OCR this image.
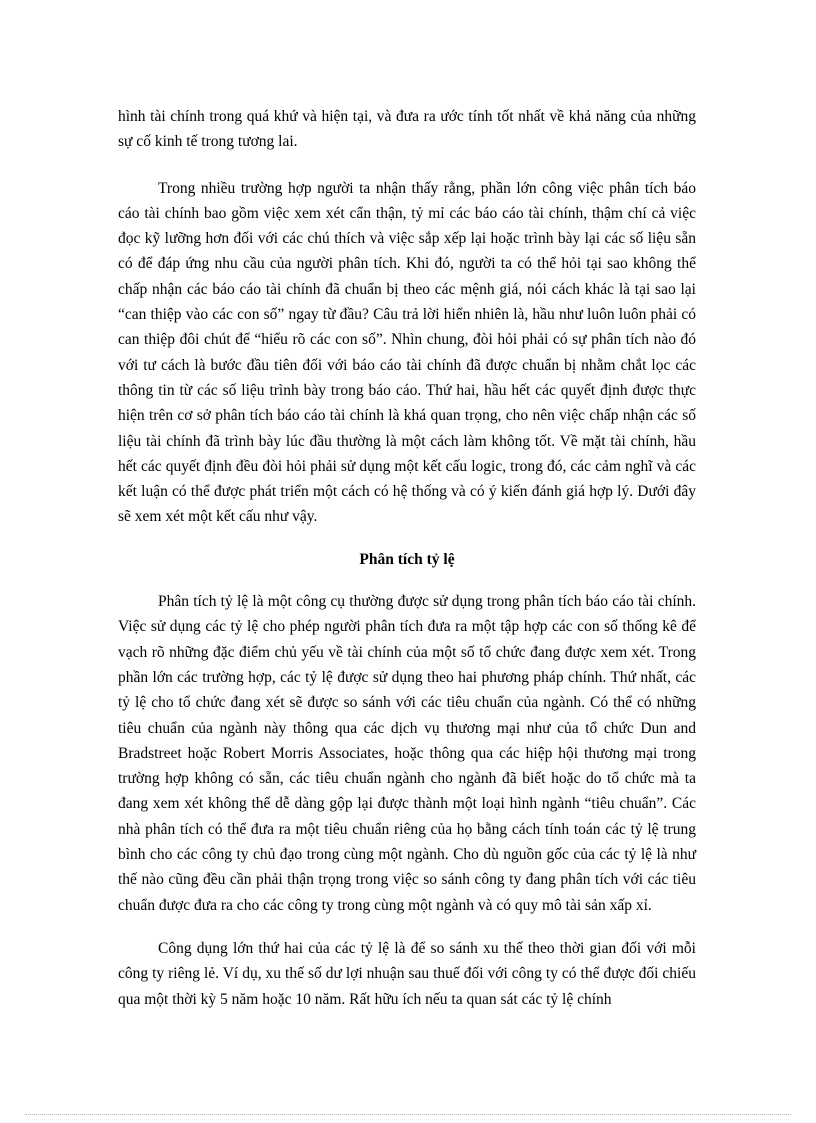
hình tài chính trong quá khứ và hiện tại, và đưa ra ước tính tốt nhất về khả năng của những sự cố kinh tế trong tương lai.

Trong nhiều trường hợp người ta nhận thấy rằng, phần lớn công việc phân tích báo cáo tài chính bao gồm việc xem xét cẩn thận, tỷ mỉ các báo cáo tài chính, thậm chí cả việc đọc kỹ lưỡng hơn đối với các chú thích và việc sắp xếp lại hoặc trình bày lại các số liệu sẵn có để đáp ứng nhu cầu của người phân tích. Khi đó, người ta có thể hỏi tại sao không thể chấp nhận các báo cáo tài chính đã chuẩn bị theo các mệnh giá, nói cách khác là tại sao lại “can thiệp vào các con số” ngay từ đầu? Câu trả lời hiển nhiên là, hầu như luôn luôn phải có can thiệp đôi chút để “hiểu rõ các con số”. Nhìn chung, đòi hỏi phải có sự phân tích nào đó với tư cách là bước đầu tiên đối với báo cáo tài chính đã được chuẩn bị nhằm chắt lọc các thông tin từ các số liệu trình bày trong báo cáo. Thứ hai, hầu hết các quyết định được thực hiện trên cơ sở phân tích báo cáo tài chính là khá quan trọng, cho nên việc chấp nhận các số liệu tài chính đã trình bày lúc đầu thường là một cách làm không tốt. Về mặt tài chính, hầu hết các quyết định đều đòi hỏi phải sử dụng một kết cấu logic, trong đó, các cảm nghĩ và các kết luận có thể được phát triển một cách có hệ thống và có ý kiến đánh giá hợp lý. Dưới đây sẽ xem xét một kết cấu như vậy.

Phân tích tỷ lệ

Phân tích tỷ lệ là một công cụ thường được sử dụng trong phân tích báo cáo tài chính. Việc sử dụng các tỷ lệ cho phép người phân tích đưa ra một tập hợp các con số thống kê để vạch rõ những đặc điểm chủ yếu về tài chính của một số tổ chức đang được xem xét. Trong phần lớn các trường hợp, các tỷ lệ được sử dụng theo hai phương pháp chính. Thứ nhất, các tỷ lệ cho tổ chức đang xét sẽ được so sánh với các tiêu chuẩn của ngành. Có thể có những tiêu chuẩn của ngành này thông qua các dịch vụ thương mại như của tổ chức Dun and Bradstreet hoặc Robert Morris Associates, hoặc thông qua các hiệp hội thương mại trong trường hợp không có sẵn, các tiêu chuẩn ngành cho ngành đã biết hoặc do tổ chức mà ta đang xem xét không thể dễ dàng gộp lại được thành một loại hình ngành “tiêu chuẩn”. Các nhà phân tích có thể đưa ra một tiêu chuẩn riêng của họ bằng cách tính toán các tỷ lệ trung bình cho các công ty chủ đạo trong cùng một ngành. Cho dù nguồn gốc của các tỷ lệ là như thế nào cũng đều cần phải thận trọng trong việc so sánh công ty đang phân tích với các tiêu chuẩn được đưa ra cho các công ty trong cùng một ngành và có quy mô tài sản xấp xỉ.

Công dụng lớn thứ hai của các tỷ lệ là để so sánh xu thế theo thời gian đối với mỗi công ty riêng lẻ. Ví dụ, xu thế số dư lợi nhuận sau thuế đối với công ty có thể được đối chiếu qua một thời kỳ 5 năm hoặc 10 năm. Rất hữu ích nếu ta quan sát các tỷ lệ chính
